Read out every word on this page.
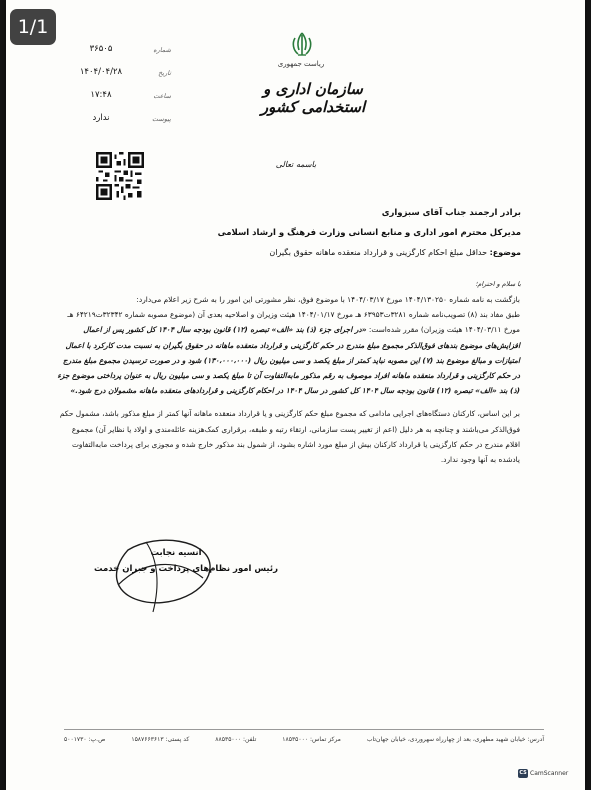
1/1
۳۶۵۰۵	شماره
۱۴۰۴/۰۴/۲۸	تاریخ
۱۷:۴۸	ساعت
ندارد	پیوست
ریاست جمهوری
سازمان اداری و استخدامی کشور
باسمه تعالی
برادر ارجمند جناب آقای سبزواری
مدیرکل محترم امور اداری و منابع انسانی وزارت فرهنگ و ارشاد اسلامی
موضوع: حداقل مبلغ احکام کارگزینی و قرارداد منعقده ماهانه حقوق بگیران
با سلام و احترام؛

بازگشت به نامه شماره ۱۴۰۴/۱۳۰۲۵۰ مورخ ۱۴۰۴/۰۳/۱۷ با موضوع فوق، نظر مشورتی این امور را به شرح زیر اعلام می‌دارد:

طبق مفاد بند (۸) تصویب‌نامه شماره ۳۲۸۱ت۶۳۹۵۳ هـ مورخ ۱۴۰۴/۰۱/۱۷ هیئت وزیران و اصلاحیه بعدی آن (موضوع مصوبه شماره ۳۲۳۴۲ت۶۴۲۱۹ هـ مورخ ۱۴۰۴/۰۳/۱۱ هیئت وزیران) مقرر شده‌است: «در اجرای جزء (ذ) بند «الف» تبصره (۱۲) قانون بودجه سال ۱۴۰۴ کل کشور پس از اعمال افزایش‌های موضوع بندهای فوق‌الذکر مجموع مبلغ مندرج در حکم کارگزینی و قرارداد منعقده ماهانه در حقوق بگیران به نسبت مدت کارکرد با اعمال امتیازات و مبالغ موضوع بند (۷) این مصوبه نباید کمتر از مبلغ یکصد و سی میلیون ریال (۱۳۰،۰۰۰،۰۰۰) شود و در صورت ترسیدن مجموع مبلغ مندرج در حکم کارگزینی و قرارداد منعقده ماهانه افراد موصوف به رقم مذکور مابه‌التفاوت آن تا مبلغ یکصد و سی میلیون ریال به عنوان پرداختی موضوع جزء (ذ) بند «الف» تبصره (۱۲) قانون بودجه سال ۱۴۰۴ کل کشور در سال ۱۴۰۴ در احکام کارگزینی و قراردادهای منعقده ماهانه مشمولان درج شود.»

بر این اساس، کارکنان دستگاه‌های اجرایی مادامی که مجموع مبلغ حکم کارگزینی و یا قرارداد منعقده ماهانه آنها کمتر از مبلغ مذکور باشد، مشمول حکم فوق‌الذکر می‌باشند و چنانچه به هر دلیل (اعم از تغییر پست سازمانی، ارتقاء رتبه و طبقه، برقراری کمک‌هزینه عائله‌مندی و اولاد یا نظایر آن) مجموع اقلام مندرج در حکم کارگزینی یا قرارداد کارکنان بیش از مبلغ مورد اشاره بشود، از شمول بند مذکور خارج شده و مجوزی برای پرداخت مابه‌التفاوت یادشده به آنها وجود ندارد.

انسیه نجابت
رئیس امور نظام‌های پرداخت و جبران خدمت
آدرس: خیابان شهید مطهری، بعد از چهارراه سهروردی، خیابان جهان‌تاب
مرکز تماس: ۱۸۵۳۵۰۰۰
تلفن: ۸۸۵۳۵۰۰۰
کد پستی: ۱۵۸۷۶۶۳۶۱۳
ص.پ: ۵۰۰۱۷۳۰
CS CamScanner
